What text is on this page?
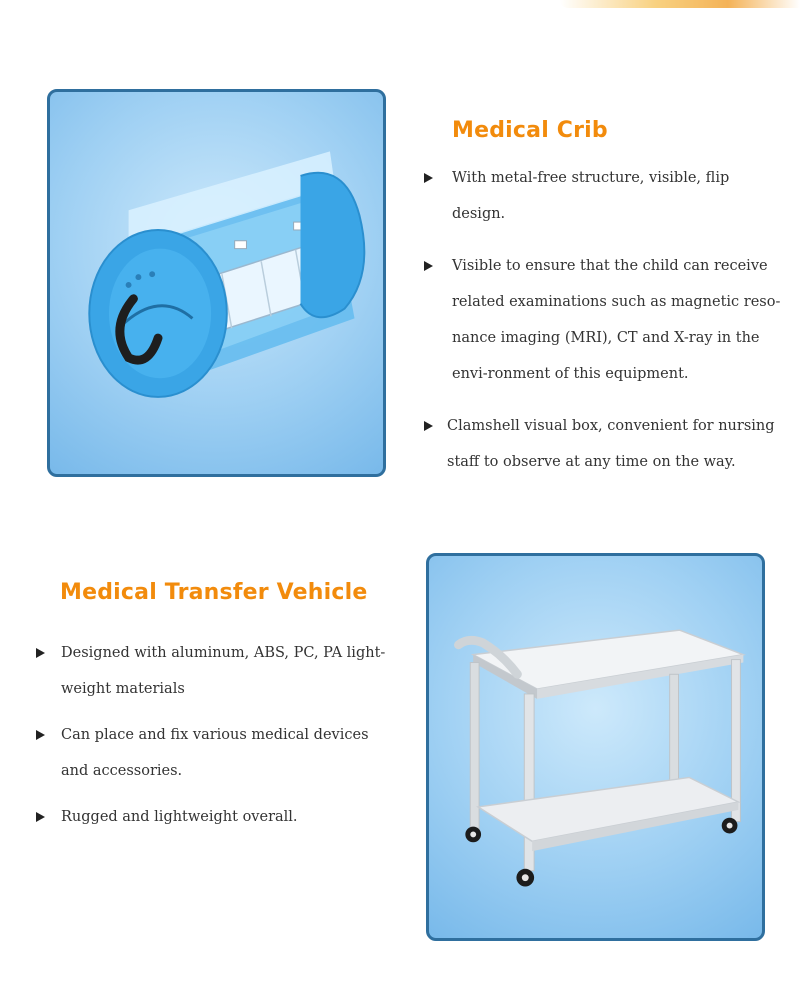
Medical Crib
With metal-free structure, visible, flip design.
Visible to ensure that the child can receive related examinations such as magnetic reso-nance imaging (MRI), CT and X-ray in the envi-ronment of this equipment.
Clamshell visual box, convenient for nursing staff to observe at any time on the way.
Medical Transfer Vehicle
Designed with aluminum, ABS, PC, PA light-weight materials
Can place and fix various medical devices and accessories.
Rugged and lightweight overall.
